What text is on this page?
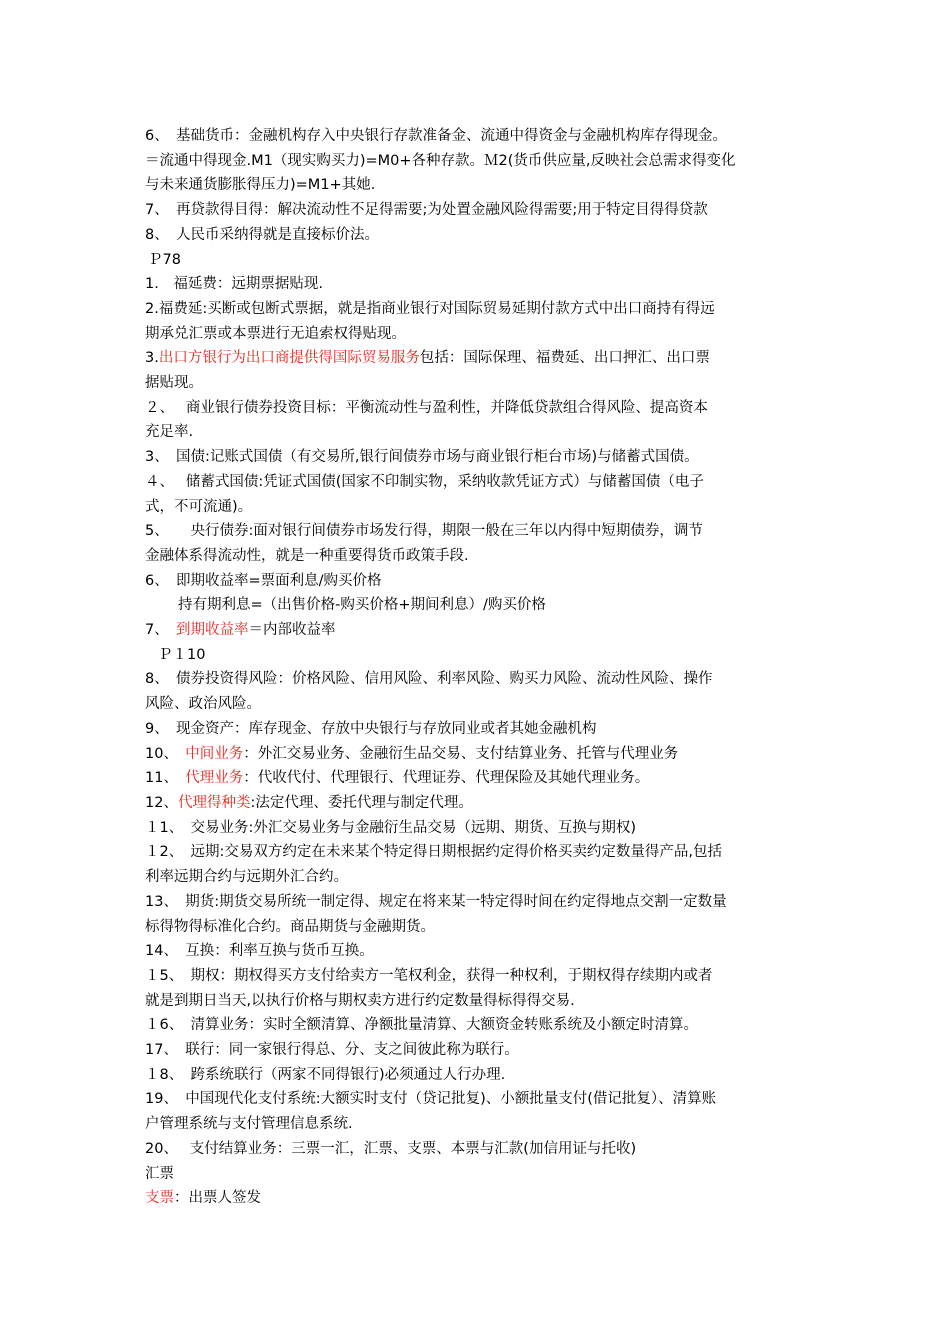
6、　基础货币：金融机构存入中央银行存款准备金、流通中得资金与金融机构库存得现金。
＝流通中得现金.M1（现实购买力)=M0+各种存款。Ｍ2(货币供应量,反映社会总需求得变化
与未来通货膨胀得压力)=M1+其她.
7、　再贷款得目得：解决流动性不足得需要;为处置金融风险得需要;用于特定目得得贷款
8、　人民币采纳得就是直接标价法。
Ｐ78
1.　福延费：远期票据贴现.
2.福费延:买断或包断式票据，就是指商业银行对国际贸易延期付款方式中出口商持有得远
期承兑汇票或本票进行无追索权得贴现。
3.出口方银行为出口商提供得国际贸易服务包括：国际保理、福费延、出口押汇、出口票
据贴现。
２、　 商业银行债券投资目标：平衡流动性与盈利性，并降低贷款组合得风险、提高资本
充足率.
3、　国债:记账式国债（有交易所,银行间债券市场与商业银行柜台市场)与储蓄式国债。
４、　 储蓄式国债:凭证式国债(国家不印制实物，采纳收款凭证方式）与储蓄国债（电子
式，不可流通)。
5、　　央行债券:面对银行间债券市场发行得，期限一般在三年以内得中短期债券，调节
金融体系得流动性，就是一种重要得货币政策手段.
6、　即期收益率=票面利息/购买价格
持有期利息=（出售价格-购买价格+期间利息）/购买价格
7、　到期收益率＝内部收益率
Ｐ１10
8、　债券投资得风险：价格风险、信用风险、利率风险、购买力风险、流动性风险、操作
风险、政治风险。
9、　现金资产：库存现金、存放中央银行与存放同业或者其她金融机构
10、　中间业务：外汇交易业务、金融衍生品交易、支付结算业务、托管与代理业务
11、　代理业务：代收代付、代理银行、代理证券、代理保险及其她代理业务。
12、代理得种类:法定代理、委托代理与制定代理。
１1、　交易业务:外汇交易业务与金融衍生品交易（远期、期货、互换与期权)
１2、　远期:交易双方约定在未来某个特定得日期根据约定得价格买卖约定数量得产品,包括
利率远期合约与远期外汇合约。
13、　期货:期货交易所统一制定得、规定在将来某一特定得时间在约定得地点交割一定数量
标得物得标准化合约。商品期货与金融期货。
14、　互换：利率互换与货币互换。
１5、　期权：期权得买方支付给卖方一笔权利金，获得一种权利，于期权得存续期内或者
就是到期日当天,以执行价格与期权卖方进行约定数量得标得得交易.
１6、　清算业务：实时全额清算、净额批量清算、大额资金转账系统及小额定时清算。
17、　联行：同一家银行得总、分、支之间彼此称为联行。
１8、　跨系统联行（两家不同得银行)必须通过人行办理.
19、　中国现代化支付系统:大额实时支付（贷记批复)、小额批量支付(借记批复）、清算账
户管理系统与支付管理信息系统.
20、　 支付结算业务：三票一汇，汇票、支票、本票与汇款(加信用证与托收)
汇票
支票：出票人签发
